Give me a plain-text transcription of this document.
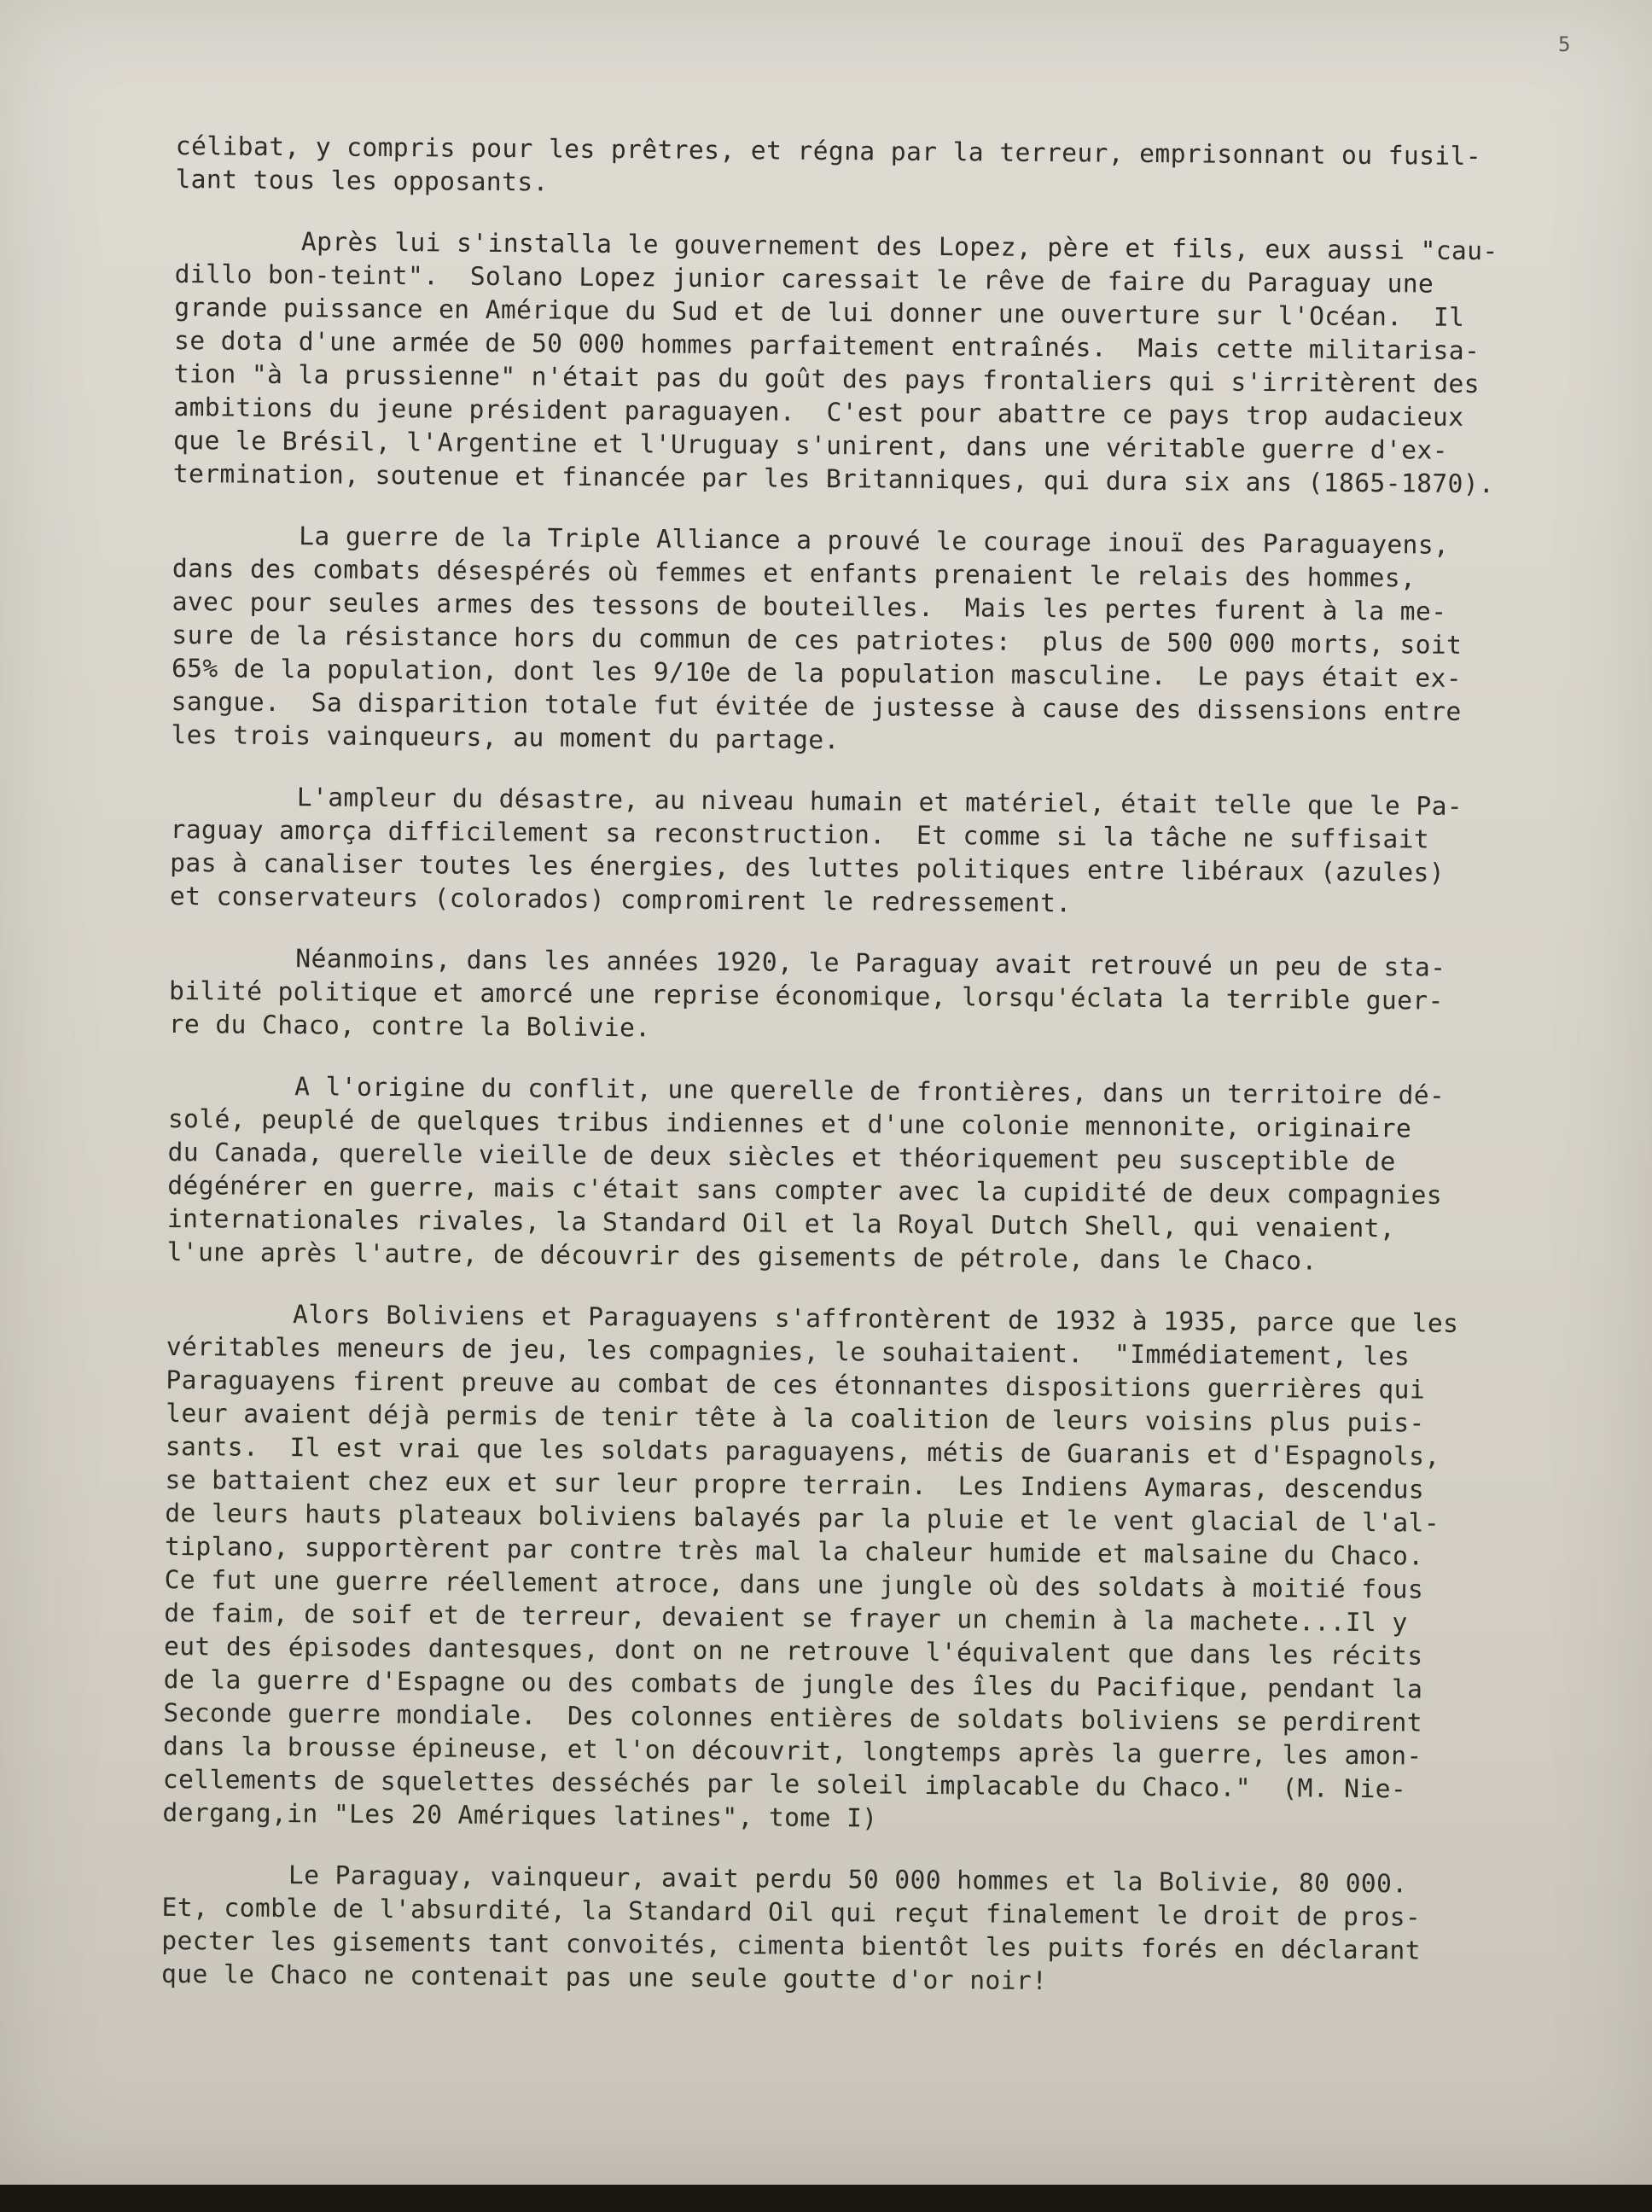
5
célibat, y compris pour les prêtres, et régna par la terreur, emprisonnant ou fusil-
lant tous les opposants.
Après lui s'installa le gouvernement des Lopez, père et fils, eux aussi "cau-
dillo bon-teint".  Solano Lopez junior caressait le rêve de faire du Paraguay une
grande puissance en Amérique du Sud et de lui donner une ouverture sur l'Océan.  Il
se dota d'une armée de 50 000 hommes parfaitement entraînés.  Mais cette militarisa-
tion "à la prussienne" n'était pas du goût des pays frontaliers qui s'irritèrent des
ambitions du jeune président paraguayen.  C'est pour abattre ce pays trop audacieux
que le Brésil, l'Argentine et l'Uruguay s'unirent, dans une véritable guerre d'ex-
termination, soutenue et financée par les Britanniques, qui dura six ans (1865-1870).
La guerre de la Triple Alliance a prouvé le courage inouï des Paraguayens,
dans des combats désespérés où femmes et enfants prenaient le relais des hommes,
avec pour seules armes des tessons de bouteilles.  Mais les pertes furent à la me-
sure de la résistance hors du commun de ces patriotes:  plus de 500 000 morts, soit
65% de la population, dont les 9/10e de la population masculine.  Le pays était ex-
sangue.  Sa disparition totale fut évitée de justesse à cause des dissensions entre
les trois vainqueurs, au moment du partage.
L'ampleur du désastre, au niveau humain et matériel, était telle que le Pa-
raguay amorça difficilement sa reconstruction.  Et comme si la tâche ne suffisait
pas à canaliser toutes les énergies, des luttes politiques entre libéraux (azules)
et conservateurs (colorados) compromirent le redressement.
Néanmoins, dans les années 1920, le Paraguay avait retrouvé un peu de sta-
bilité politique et amorcé une reprise économique, lorsqu'éclata la terrible guer-
re du Chaco, contre la Bolivie.
A l'origine du conflit, une querelle de frontières, dans un territoire dé-
solé, peuplé de quelques tribus indiennes et d'une colonie mennonite, originaire
du Canada, querelle vieille de deux siècles et théoriquement peu susceptible de
dégénérer en guerre, mais c'était sans compter avec la cupidité de deux compagnies
internationales rivales, la Standard Oil et la Royal Dutch Shell, qui venaient,
l'une après l'autre, de découvrir des gisements de pétrole, dans le Chaco.
Alors Boliviens et Paraguayens s'affrontèrent de 1932 à 1935, parce que les
véritables meneurs de jeu, les compagnies, le souhaitaient.  "Immédiatement, les
Paraguayens firent preuve au combat de ces étonnantes dispositions guerrières qui
leur avaient déjà permis de tenir tête à la coalition de leurs voisins plus puis-
sants.  Il est vrai que les soldats paraguayens, métis de Guaranis et d'Espagnols,
se battaient chez eux et sur leur propre terrain.  Les Indiens Aymaras, descendus
de leurs hauts plateaux boliviens balayés par la pluie et le vent glacial de l'al-
tiplano, supportèrent par contre très mal la chaleur humide et malsaine du Chaco.
Ce fut une guerre réellement atroce, dans une jungle où des soldats à moitié fous
de faim, de soif et de terreur, devaient se frayer un chemin à la machete...Il y
eut des épisodes dantesques, dont on ne retrouve l'équivalent que dans les récits
de la guerre d'Espagne ou des combats de jungle des îles du Pacifique, pendant la
Seconde guerre mondiale.  Des colonnes entières de soldats boliviens se perdirent
dans la brousse épineuse, et l'on découvrit, longtemps après la guerre, les amon-
cellements de squelettes desséchés par le soleil implacable du Chaco."  (M. Nie-
dergang,in "Les 20 Amériques latines", tome I)
Le Paraguay, vainqueur, avait perdu 50 000 hommes et la Bolivie, 80 000.
Et, comble de l'absurdité, la Standard Oil qui reçut finalement le droit de pros-
pecter les gisements tant convoités, cimenta bientôt les puits forés en déclarant
que le Chaco ne contenait pas une seule goutte d'or noir!
